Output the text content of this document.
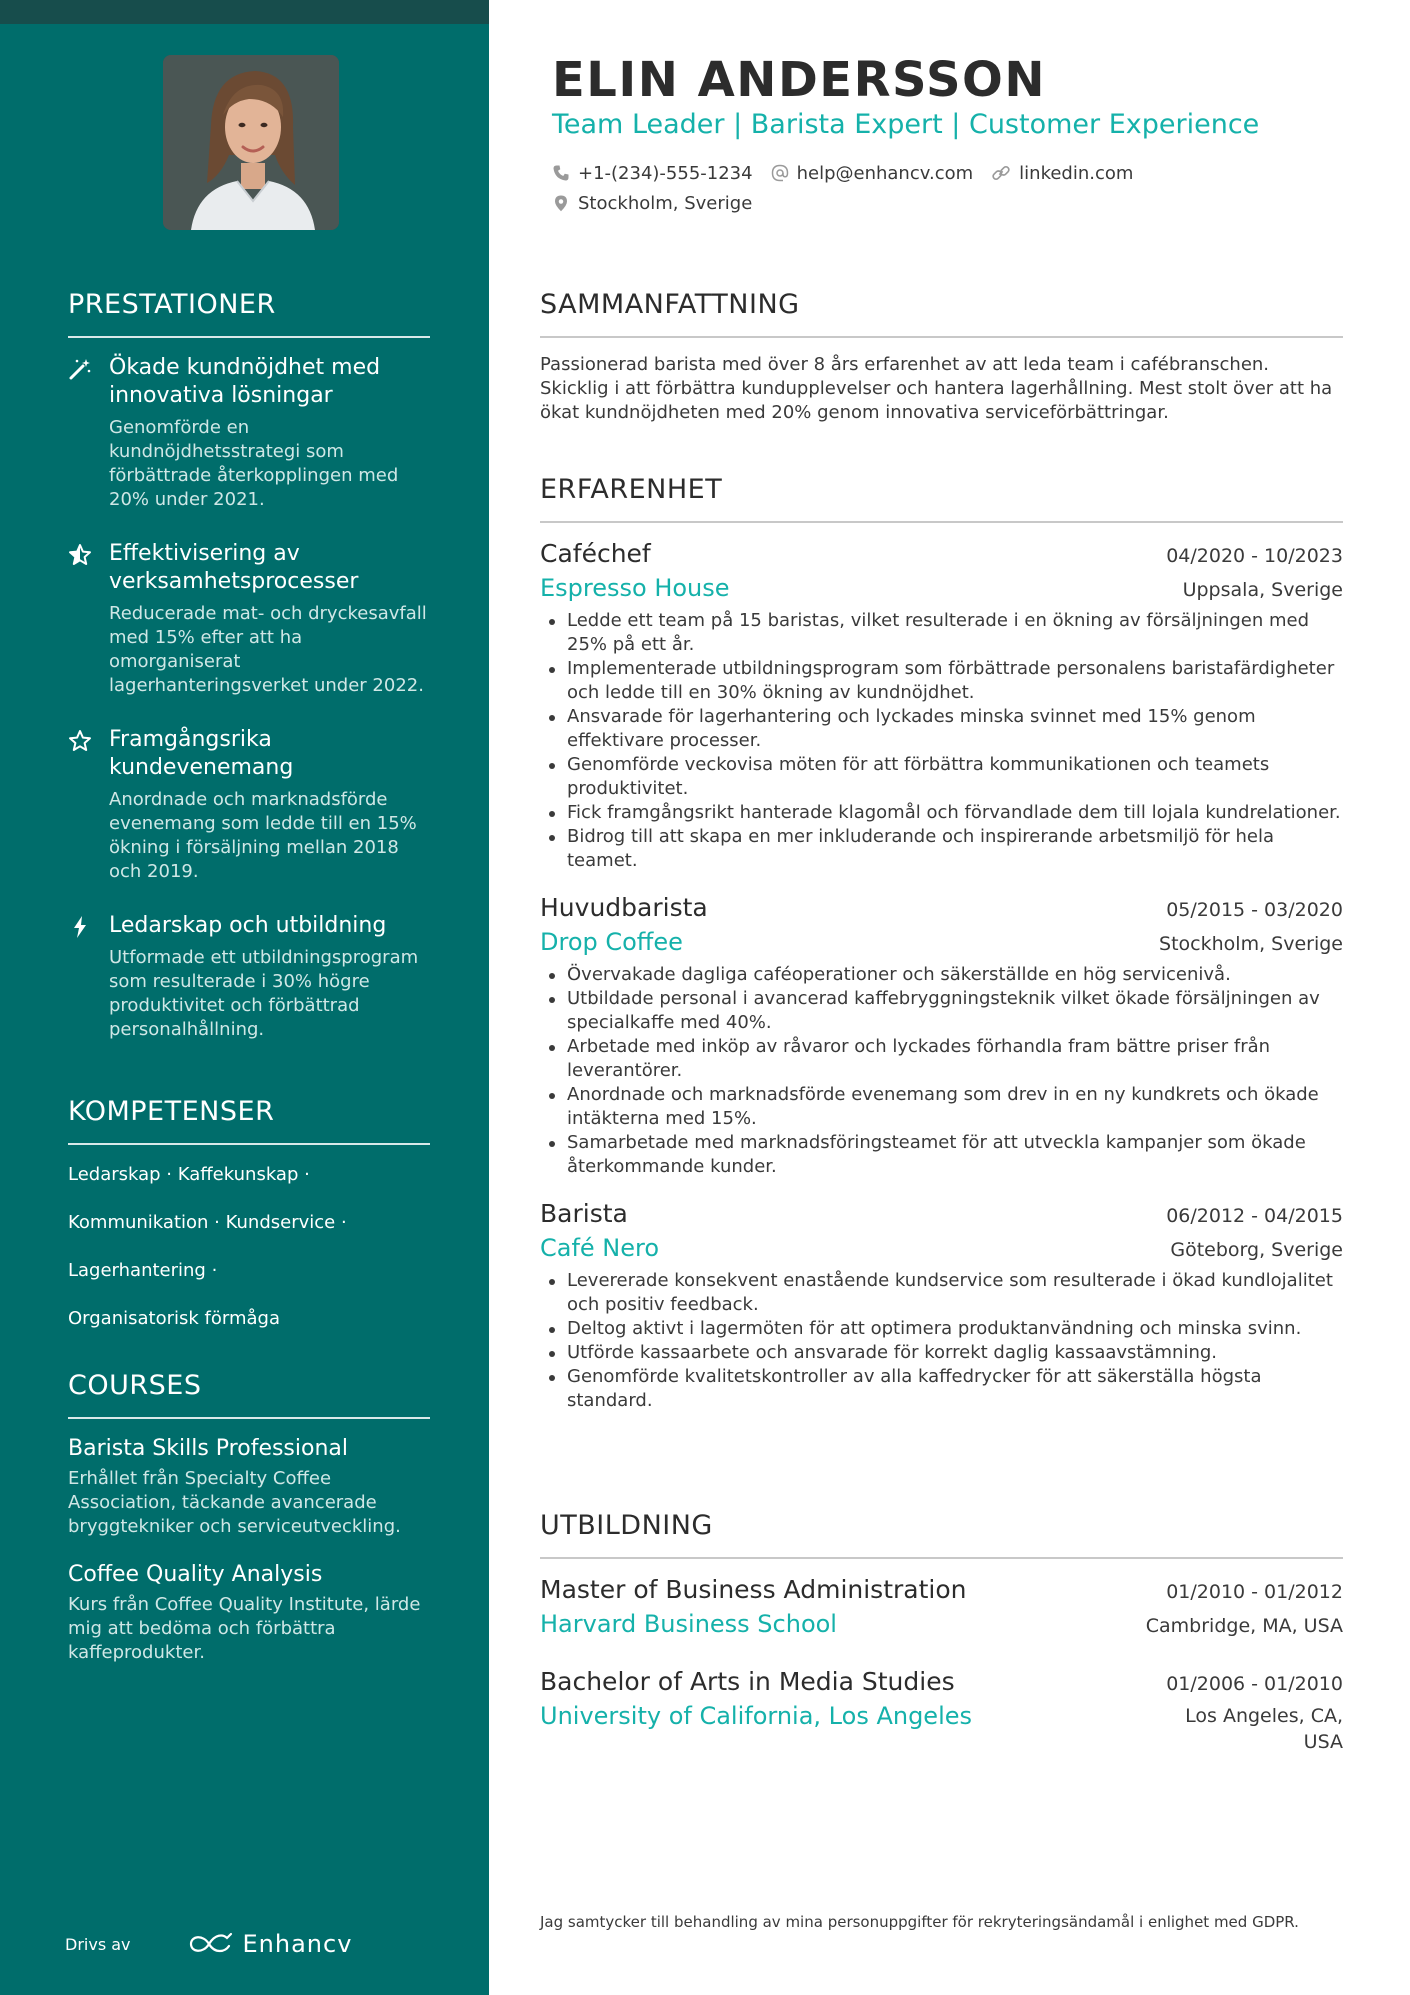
PRESTATIONER
Ökade kundnöjdhet med innovativa lösningar
Genomförde en kundnöjdhetsstrategi som förbättrade återkopplingen med 20% under 2021.
Effektivisering av verksamhetsprocesser
Reducerade mat- och dryckesavfall med 15% efter att ha omorganiserat lagerhanteringsverket under 2022.
Framgångsrika kundevenemang
Anordnade och marknadsförde evenemang som ledde till en 15% ökning i försäljning mellan 2018 och 2019.
Ledarskap och utbildning
Utformade ett utbildningsprogram som resulterade i 30% högre produktivitet och förbättrad personalhållning.
KOMPETENSER
Ledarskap · Kaffekunskap ·
Kommunikation · Kundservice ·
Lagerhantering ·
Organisatorisk förmåga
COURSES
Barista Skills Professional
Erhållet från Specialty Coffee Association, täckande avancerade bryggtekniker och serviceutveckling.
Coffee Quality Analysis
Kurs från Coffee Quality Institute, lärde mig att bedöma och förbättra kaffeprodukter.
Drivs av	Enhancv
ELIN ANDERSSON
Team Leader | Barista Expert | Customer Experience
+1-(234)-555-1234 help@enhancv.com	linkedin.com
Stockholm, Sverige
SAMMANFATTNING
Passionerad barista med över 8 års erfarenhet av att leda team i cafébranschen. Skicklig i att förbättra kundupplevelser och hantera lagerhållning. Mest stolt över att ha ökat kundnöjdheten med 20% genom innovativa serviceförbättringar.
ERFARENHET
Caféchef	04/2020 - 10/2023
Espresso House	Uppsala, Sverige
Ledde ett team på 15 baristas, vilket resulterade i en ökning av försäljningen med 25% på ett år.
Implementerade utbildningsprogram som förbättrade personalens baristafärdigheter och ledde till en 30% ökning av kundnöjdhet.
Ansvarade för lagerhantering och lyckades minska svinnet med 15% genom effektivare processer.
Genomförde veckovisa möten för att förbättra kommunikationen och teamets produktivitet.
Fick framgångsrikt hanterade klagomål och förvandlade dem till lojala kundrelationer.
Bidrog till att skapa en mer inkluderande och inspirerande arbetsmiljö för hela teamet.
Huvudbarista	05/2015 - 03/2020
Drop Coffee	Stockholm, Sverige
Övervakade dagliga caféoperationer och säkerställde en hög servicenivå.
Utbildade personal i avancerad kaffebryggningsteknik vilket ökade försäljningen av specialkaffe med 40%.
Arbetade med inköp av råvaror och lyckades förhandla fram bättre priser från leverantörer.
Anordnade och marknadsförde evenemang som drev in en ny kundkrets och ökade intäkterna med 15%.
Samarbetade med marknadsföringsteamet för att utveckla kampanjer som ökade återkommande kunder.
Barista	06/2012 - 04/2015
Café Nero	Göteborg, Sverige
Levererade konsekvent enastående kundservice som resulterade i ökad kundlojalitet och positiv feedback.
Deltog aktivt i lagermöten för att optimera produktanvändning och minska svinn.
Utförde kassaarbete och ansvarade för korrekt daglig kassaavstämning.
Genomförde kvalitetskontroller av alla kaffedrycker för att säkerställa högsta standard.
UTBILDNING
Master of Business Administration	01/2010 - 01/2012
Harvard Business School	Cambridge, MA, USA
Bachelor of Arts in Media Studies	01/2006 - 01/2010
University of California, Los Angeles	Los Angeles, CA,
USA
Jag samtycker till behandling av mina personuppgifter för rekryteringsändamål i enlighet med GDPR.
